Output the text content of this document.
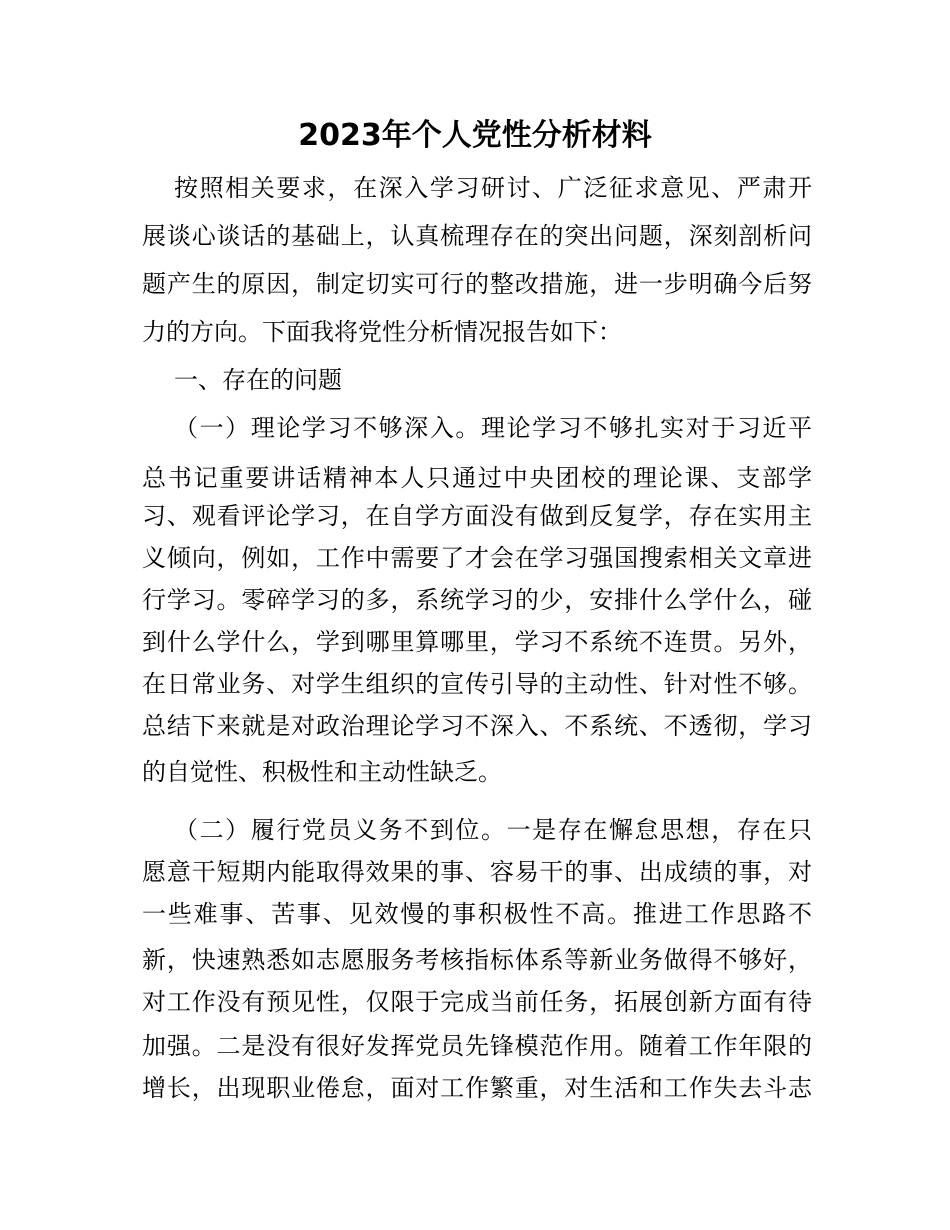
2023年个人党性分析材料

按照相关要求，在深入学习研讨、广泛征求意见、严肃开

展谈心谈话的基础上，认真梳理存在的突出问题，深刻剖析问

题产生的原因，制定切实可行的整改措施，进一步明确今后努

力的方向。下面我将党性分析情况报告如下：

一、存在的问题

（一）理论学习不够深入。理论学习不够扎实对于习近平

总书记重要讲话精神本人只通过中央团校的理论课、支部学

习、观看评论学习，在自学方面没有做到反复学，存在实用主

义倾向，例如，工作中需要了才会在学习强国搜索相关文章进

行学习。零碎学习的多，系统学习的少，安排什么学什么，碰

到什么学什么，学到哪里算哪里，学习不系统不连贯。另外，

在日常业务、对学生组织的宣传引导的主动性、针对性不够。

总结下来就是对政治理论学习不深入、不系统、不透彻，学习

的自觉性、积极性和主动性缺乏。

（二）履行党员义务不到位。一是存在懈怠思想，存在只

愿意干短期内能取得效果的事、容易干的事、出成绩的事，对

一些难事、苦事、见效慢的事积极性不高。推进工作思路不

新，快速熟悉如志愿服务考核指标体系等新业务做得不够好，

对工作没有预见性，仅限于完成当前任务，拓展创新方面有待

加强。二是没有很好发挥党员先锋模范作用。随着工作年限的

增长，出现职业倦怠，面对工作繁重，对生活和工作失去斗志
